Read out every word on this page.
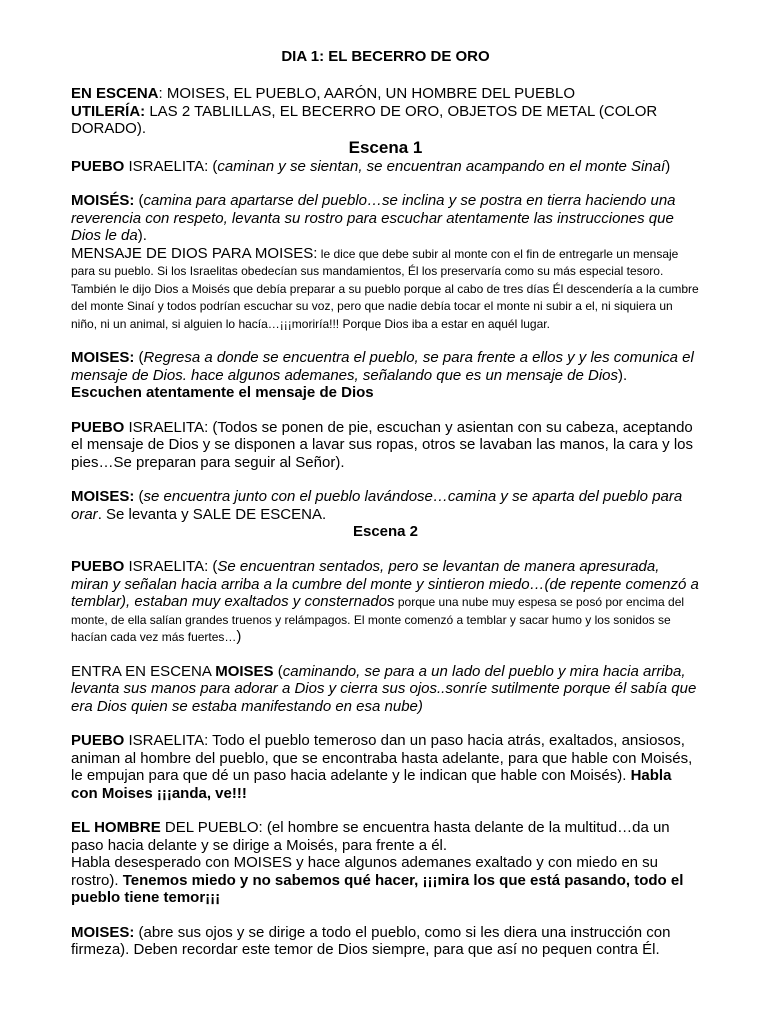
DIA 1: EL BECERRO DE ORO

EN ESCENA: MOISES, EL PUEBLO, AARÓN, UN HOMBRE DEL PUEBLO

UTILERÍA: LAS 2 TABLILLAS, EL BECERRO DE ORO, OBJETOS DE METAL (COLOR DORADO).

Escena 1

PUEBO ISRAELITA: (caminan y se sientan, se encuentran acampando en el monte Sinaí)

MOISÉS: (camina para apartarse del pueblo…se inclina y se postra en tierra haciendo una reverencia con respeto, levanta su rostro para escuchar atentamente las instrucciones que Dios le da).

MENSAJE DE DIOS PARA MOISES: le dice que debe subir al monte con el fin de entregarle un mensaje para su pueblo. Si los Israelitas obedecían sus mandamientos, Él los preservaría como su más especial tesoro. También le dijo Dios a Moisés que debía preparar a su pueblo porque al cabo de tres días Él descendería a la cumbre del monte Sinaí y todos podrían escuchar su voz, pero que nadie debía tocar el monte ni subir a el, ni siquiera un niño, ni un animal, si alguien lo hacía…¡¡¡moriría!!! Porque Dios iba a estar en aquél lugar.

MOISES: (Regresa a donde se encuentra el pueblo, se para frente a ellos y y les comunica el mensaje de Dios. hace algunos ademanes, señalando que es un mensaje de Dios).
Escuchen atentamente el mensaje de Dios

PUEBO ISRAELITA: (Todos se ponen de pie, escuchan y asientan con su cabeza, aceptando el mensaje de Dios y se disponen a lavar sus ropas, otros se lavaban las manos, la cara y los pies…Se preparan para seguir al Señor).

MOISES: (se encuentra junto con el pueblo lavándose…camina y se aparta del pueblo para orar. Se levanta y SALE DE ESCENA.

Escena 2

PUEBO ISRAELITA: (Se encuentran sentados, pero se levantan de manera apresurada, miran y señalan hacia arriba a la cumbre del monte y sintieron miedo…(de repente comenzó a temblar), estaban muy exaltados y consternados porque una nube muy espesa se posó por encima del monte, de ella salían grandes truenos y relámpagos. El monte comenzó a temblar y sacar humo y los sonidos se hacían cada vez más fuertes…)

ENTRA EN ESCENA MOISES (caminando, se para a un lado del pueblo y mira hacia arriba, levanta sus manos para adorar a Dios y cierra sus ojos..sonríe sutilmente porque él sabía que era Dios quien se estaba manifestando en esa nube)

PUEBO ISRAELITA: Todo el pueblo temeroso dan un paso hacia atrás, exaltados, ansiosos, animan al hombre del pueblo, que se encontraba hasta adelante, para que hable con Moisés, le empujan para que dé un paso hacia adelante y le indican que hable con Moisés). Habla con Moises ¡¡¡anda, ve!!!

EL HOMBRE DEL PUEBLO: (el hombre se encuentra hasta delante de la multitud…da un paso hacia delante y se dirige a Moisés, para frente a él.
Habla desesperado con MOISES y hace algunos ademanes exaltado y con miedo en su rostro). Tenemos miedo y no sabemos qué hacer, ¡¡¡mira los que está pasando, todo el pueblo tiene temor¡¡¡

MOISES: (abre sus ojos y se dirige a todo el pueblo, como si les diera una instrucción con firmeza). Deben recordar este temor de Dios siempre, para que así no pequen contra Él.
